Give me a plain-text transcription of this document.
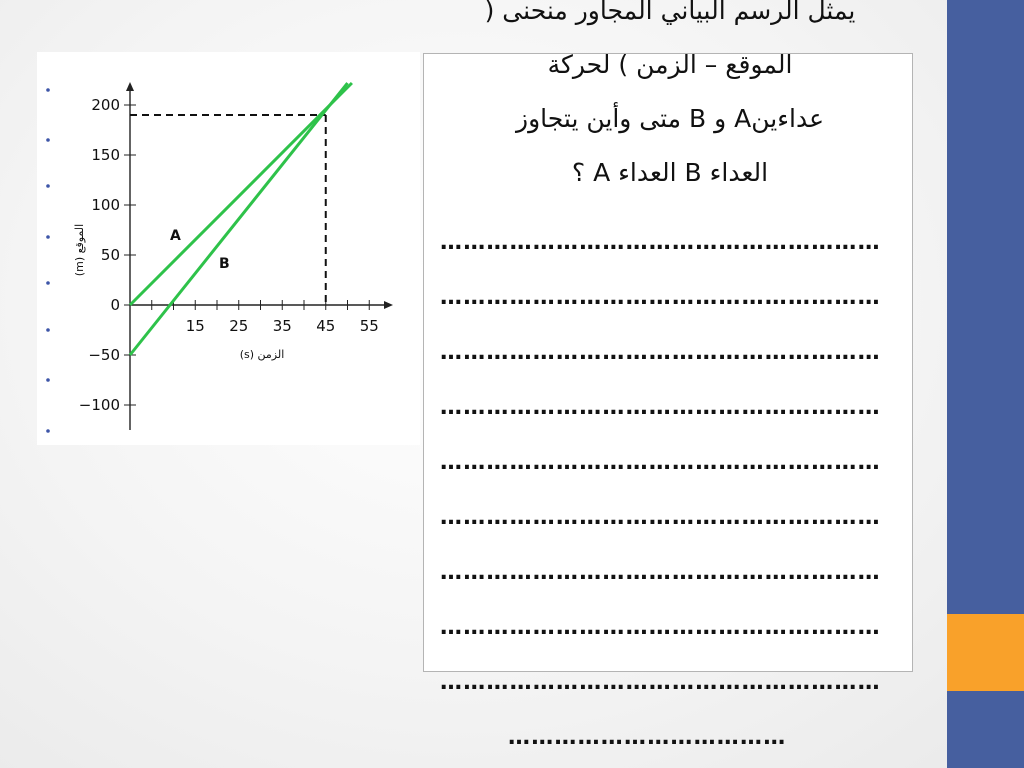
15 25 35 45 55
200
150
100
50
0
−50
−100
الزمن (s)
الموقع (m)	A
B
يمثل الرسم البياني المجاور منحنى (
الموقع – الزمن ) لحركة
عداءينA و B متى وأين يتجاوز
العداء B العداء A ؟
…………………………………………………
…………………………………………………
…………………………………………………
…………………………………………………
…………………………………………………
…………………………………………………
…………………………………………………
…………………………………………………
…………………………………………………
………………………………
